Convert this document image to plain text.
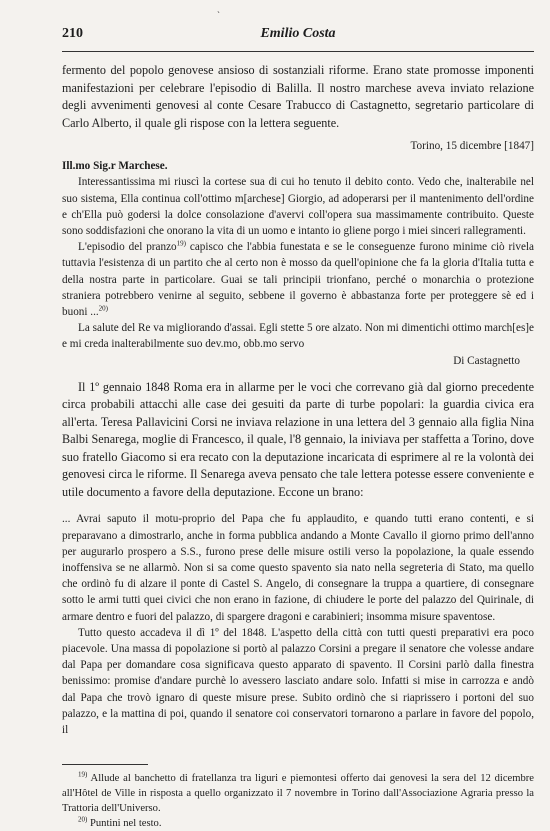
`
210	Emilio Costa

fermento del popolo genovese ansioso di sostanziali riforme. Erano state promosse imponenti manifestazioni per celebrare l'episodio di Balilla. Il nostro marchese aveva inviato relazione degli avvenimenti genovesi al conte Cesare Trabucco di Castagnetto, segretario particolare di Carlo Alberto, il quale gli rispose con la lettera seguente.

Torino, 15 dicembre [1847]

Ill.mo Sig.r Marchese.

Interessantissima mi riuscì la cortese sua di cui ho tenuto il debito conto. Vedo che, inalterabile nel suo sistema, Ella continua coll'ottimo m[archese] Giorgio, ad adoperarsi per il mantenimento dell'ordine e ch'Ella può godersi la dolce consolazione d'avervi coll'opera sua massimamente contribuito. Queste sono soddisfazioni che onorano la vita di un uomo e intanto io gliene porgo i miei sinceri rallegramenti.

L'episodio del pranzo$^{19)}$ capisco che l'abbia funestata e se le conseguenze furono minime ciò rivela tuttavia l'esistenza di un partito che al certo non è mosso da quell'opinione che fa la gloria d'Italia tutta e della nostra parte in particolare. Guai se tali principii trionfano, perché o monarchia o protezione straniera potrebbero venirne al seguito, sebbene il governo è abbastanza forte per proteggere sè ed i buoni ...$^{20)}$

La salute del Re va migliorando d'assai. Egli stette 5 ore alzato. Non mi dimentichi ottimo march[es]e e mi creda inalterabilmente suo dev.mo, obb.mo servo

Di Castagnetto

Il 1º gennaio 1848 Roma era in allarme per le voci che correvano già dal giorno precedente circa probabili attacchi alle case dei gesuiti da parte di turbe popolari: la guardia civica era all'erta. Teresa Pallavicini Corsi ne inviava relazione in una lettera del 3 gennaio alla figlia Nina Balbi Senarega, moglie di Francesco, il quale, l'8 gennaio, la iniviava per staffetta a Torino, dove suo fratello Giacomo si era recato con la deputazione incaricata di esprimere al re la volontà dei genovesi circa le riforme. Il Senarega aveva pensato che tale lettera potesse essere conveniente e utile documento a favore della deputazione. Eccone un brano:

... Avrai saputo il motu-proprio del Papa che fu applaudito, e quando tutti erano contenti, e si preparavano a dimostrarlo, anche in forma pubblica andando a Monte Cavallo il giorno primo dell'anno per augurarlo prospero a S.S., furono prese delle misure ostili verso la popolazione, la quale essendo inoffensiva se ne allarmò. Non si sa come questo spavento sia nato nella segreteria di Stato, ma quello che ordinò fu di alzare il ponte di Castel S. Angelo, di consegnare la truppa a quartiere, di consegnare sotto le armi tutti quei civici che non erano in fazione, di chiudere le porte del palazzo del Quirinale, di armare dentro e fuori del palazzo, di spargere dragoni e carabinieri; insomma misure spaventose.

Tutto questo accadeva il dì 1º del 1848. L'aspetto della città con tutti questi preparativi era poco piacevole. Una massa di popolazione si portò al palazzo Corsini a pregare il senatore che volesse andare dal Papa per domandare cosa significava questo apparato di spavento. Il Corsini parlò dalla finestra benissimo: promise d'andare purchè lo avessero lasciato andare solo. Infatti si mise in carrozza e andò dal Papa che trovò ignaro di queste misure prese. Subito ordinò che si riaprissero i portoni del suo palazzo, e la mattina di poi, quando il senatore coi conservatori tornarono a parlare in favore del popolo, il

$^{19)}$ Allude al banchetto di fratellanza tra liguri e piemontesi offerto dai genovesi la sera del 12 dicembre all'Hôtel de Ville in risposta a quello organizzato il 7 novembre in Torino dall'Associazione Agraria presso la Trattoria dell'Universo.

$^{20)}$ Puntini nel testo.
